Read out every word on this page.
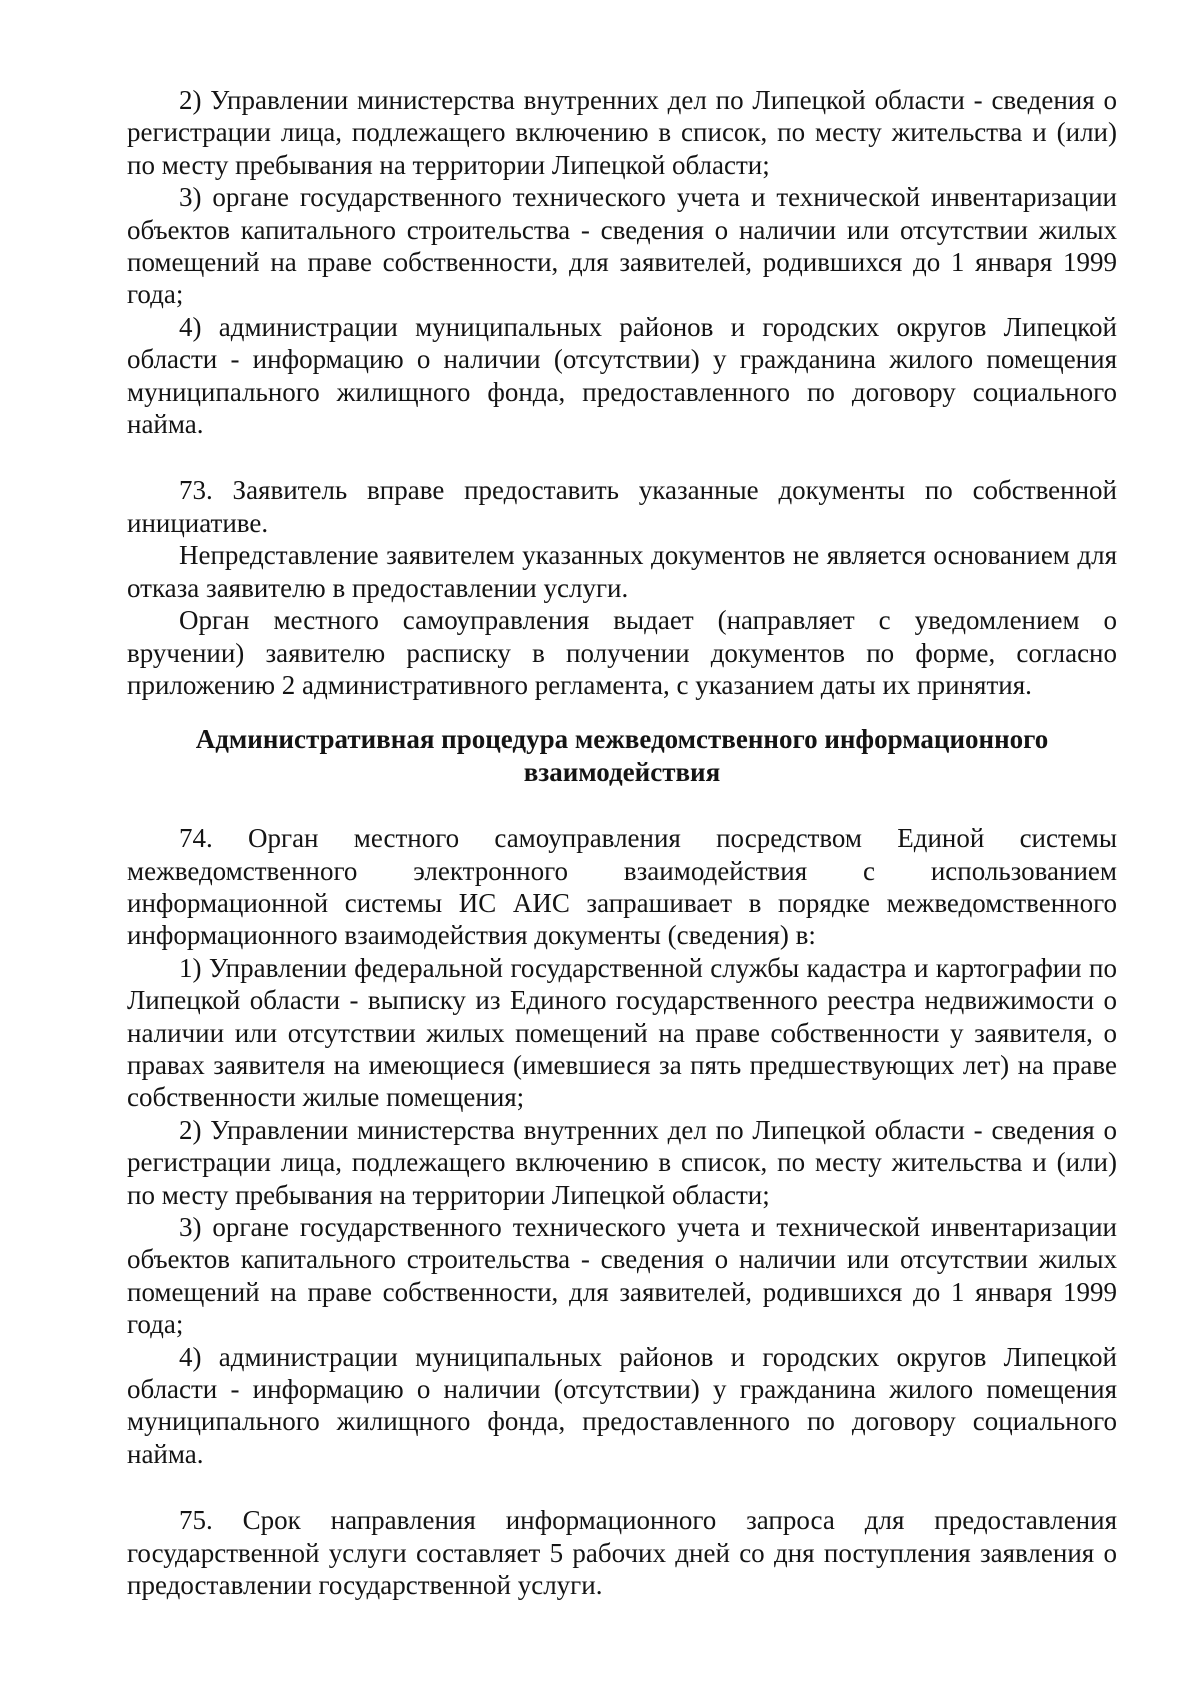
2) Управлении министерства внутренних дел по Липецкой области - сведения о регистрации лица, подлежащего включению в список, по месту жительства и (или) по месту пребывания на территории Липецкой области;

3) органе государственного технического учета и технической инвентаризации объектов капитального строительства - сведения о наличии или отсутствии жилых помещений на праве собственности, для заявителей, родившихся до 1 января 1999 года;

4) администрации муниципальных районов и городских округов Липецкой области - информацию о наличии (отсутствии) у гражданина жилого помещения муниципального жилищного фонда, предоставленного по договору социального найма.

73. Заявитель вправе предоставить указанные документы по собственной инициативе.

Непредставление заявителем указанных документов не является основанием для отказа заявителю в предоставлении услуги.

Орган местного самоуправления выдает (направляет с уведомлением о вручении) заявителю расписку в получении документов по форме, согласно приложению 2 административного регламента, с указанием даты их принятия.

Административная процедура межведомственного информационного взаимодействия

74. Орган местного самоуправления посредством Единой системы межведомственного электронного взаимодействия с использованием информационной системы ИС АИС запрашивает в порядке межведомственного информационного взаимодействия документы (сведения) в:

1) Управлении федеральной государственной службы кадастра и картографии по Липецкой области - выписку из Единого государственного реестра недвижимости о наличии или отсутствии жилых помещений на праве собственности у заявителя, о правах заявителя на имеющиеся (имевшиеся за пять предшествующих лет) на праве собственности жилые помещения;

2) Управлении министерства внутренних дел по Липецкой области - сведения о регистрации лица, подлежащего включению в список, по месту жительства и (или) по месту пребывания на территории Липецкой области;

3) органе государственного технического учета и технической инвентаризации объектов капитального строительства - сведения о наличии или отсутствии жилых помещений на праве собственности, для заявителей, родившихся до 1 января 1999 года;

4) администрации муниципальных районов и городских округов Липецкой области - информацию о наличии (отсутствии) у гражданина жилого помещения муниципального жилищного фонда, предоставленного по договору социального найма.

75. Срок направления информационного запроса для предоставления государственной услуги составляет 5 рабочих дней со дня поступления заявления о предоставлении государственной услуги.
